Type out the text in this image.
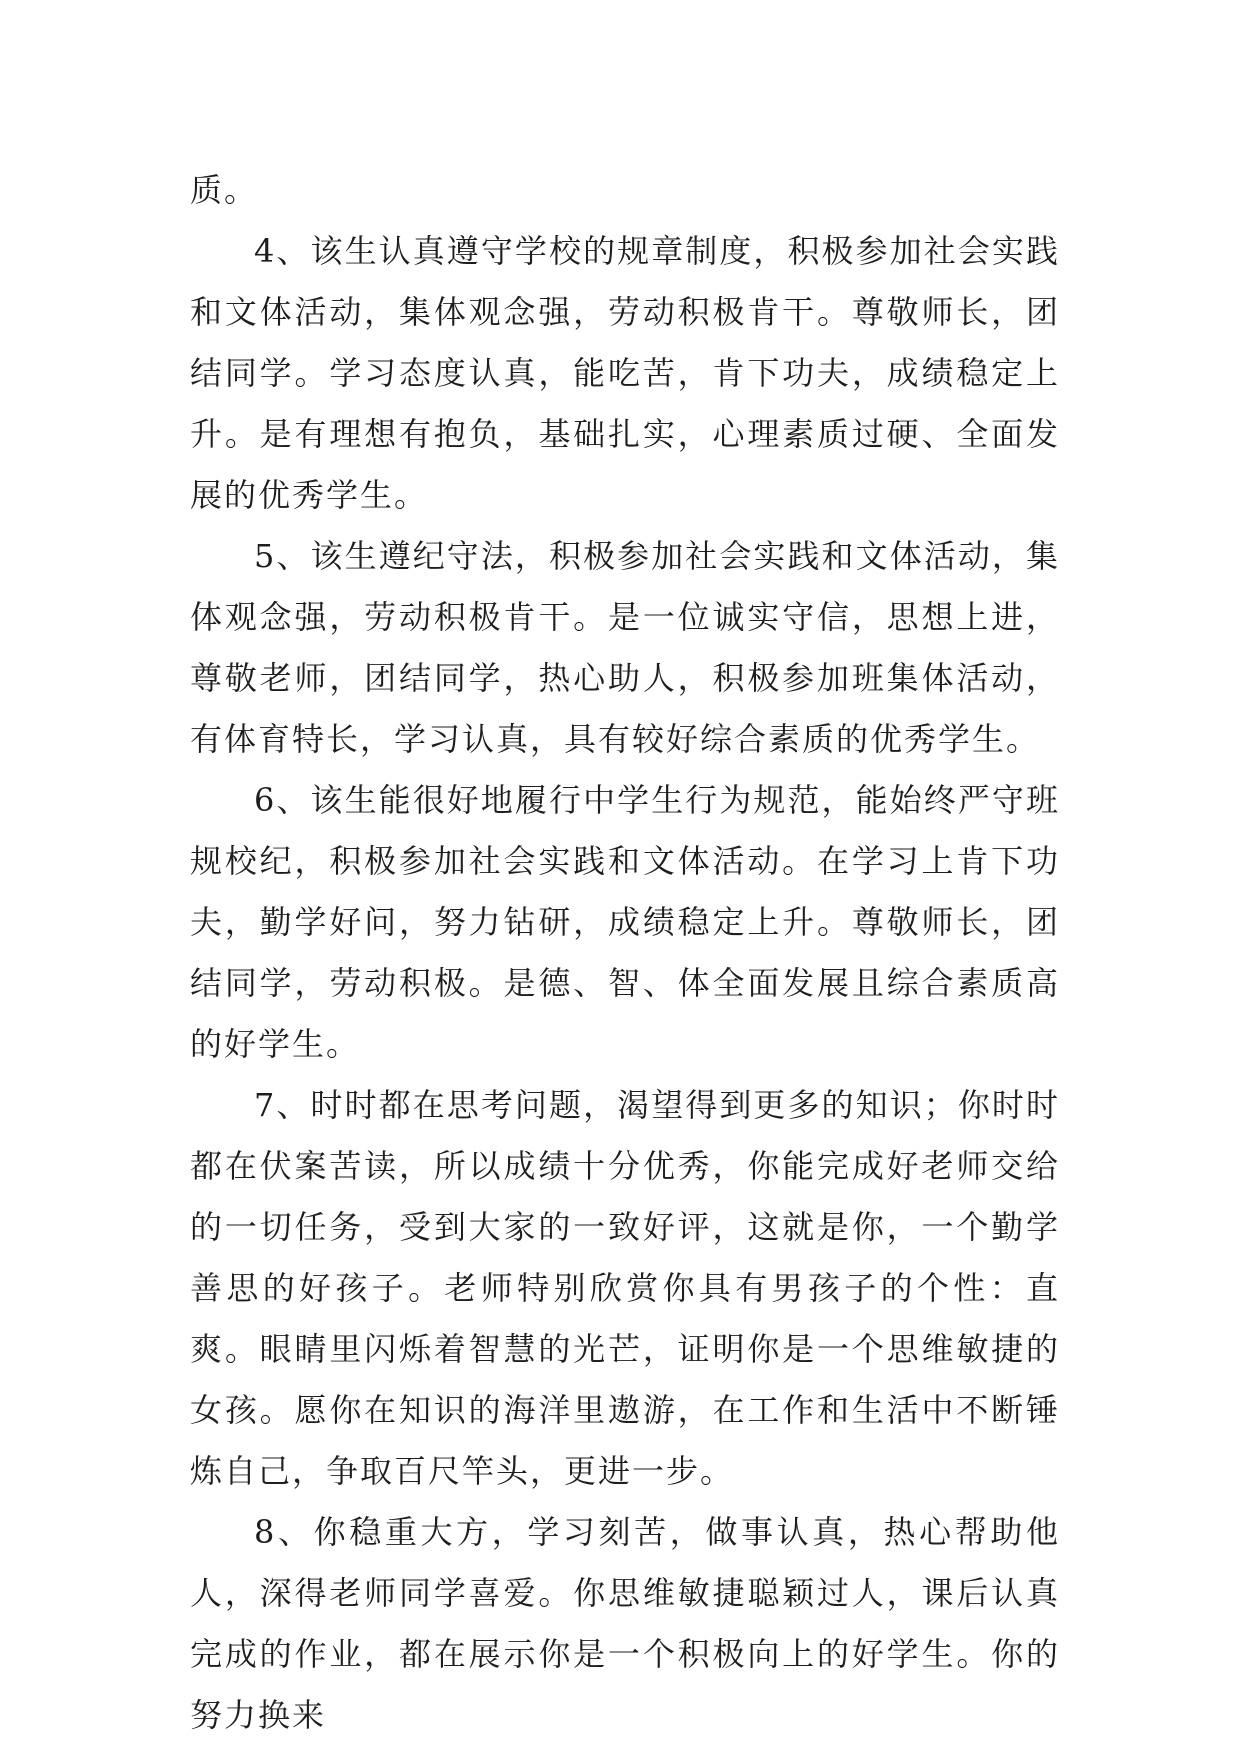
质。

4、该生认真遵守学校的规章制度，积极参加社会实践和文体活动，集体观念强，劳动积极肯干。尊敬师长，团结同学。学习态度认真，能吃苦，肯下功夫，成绩稳定上升。是有理想有抱负，基础扎实，心理素质过硬、全面发展的优秀学生。

5、该生遵纪守法，积极参加社会实践和文体活动，集体观念强，劳动积极肯干。是一位诚实守信，思想上进，尊敬老师，团结同学，热心助人，积极参加班集体活动，有体育特长，学习认真，具有较好综合素质的优秀学生。

6、该生能很好地履行中学生行为规范，能始终严守班规校纪，积极参加社会实践和文体活动。在学习上肯下功夫，勤学好问，努力钻研，成绩稳定上升。尊敬师长，团结同学，劳动积极。是德、智、体全面发展且综合素质高的好学生。

7、时时都在思考问题，渴望得到更多的知识；你时时都在伏案苦读，所以成绩十分优秀，你能完成好老师交给的一切任务，受到大家的一致好评，这就是你，一个勤学善思的好孩子。老师特别欣赏你具有男孩子的个性：直爽。眼睛里闪烁着智慧的光芒，证明你是一个思维敏捷的女孩。愿你在知识的海洋里遨游，在工作和生活中不断锤炼自己，争取百尺竿头，更进一步。

8、你稳重大方，学习刻苦，做事认真，热心帮助他人，深得老师同学喜爱。你思维敏捷聪颖过人，课后认真完成的作业，都在展示你是一个积极向上的好学生。你的努力换来
